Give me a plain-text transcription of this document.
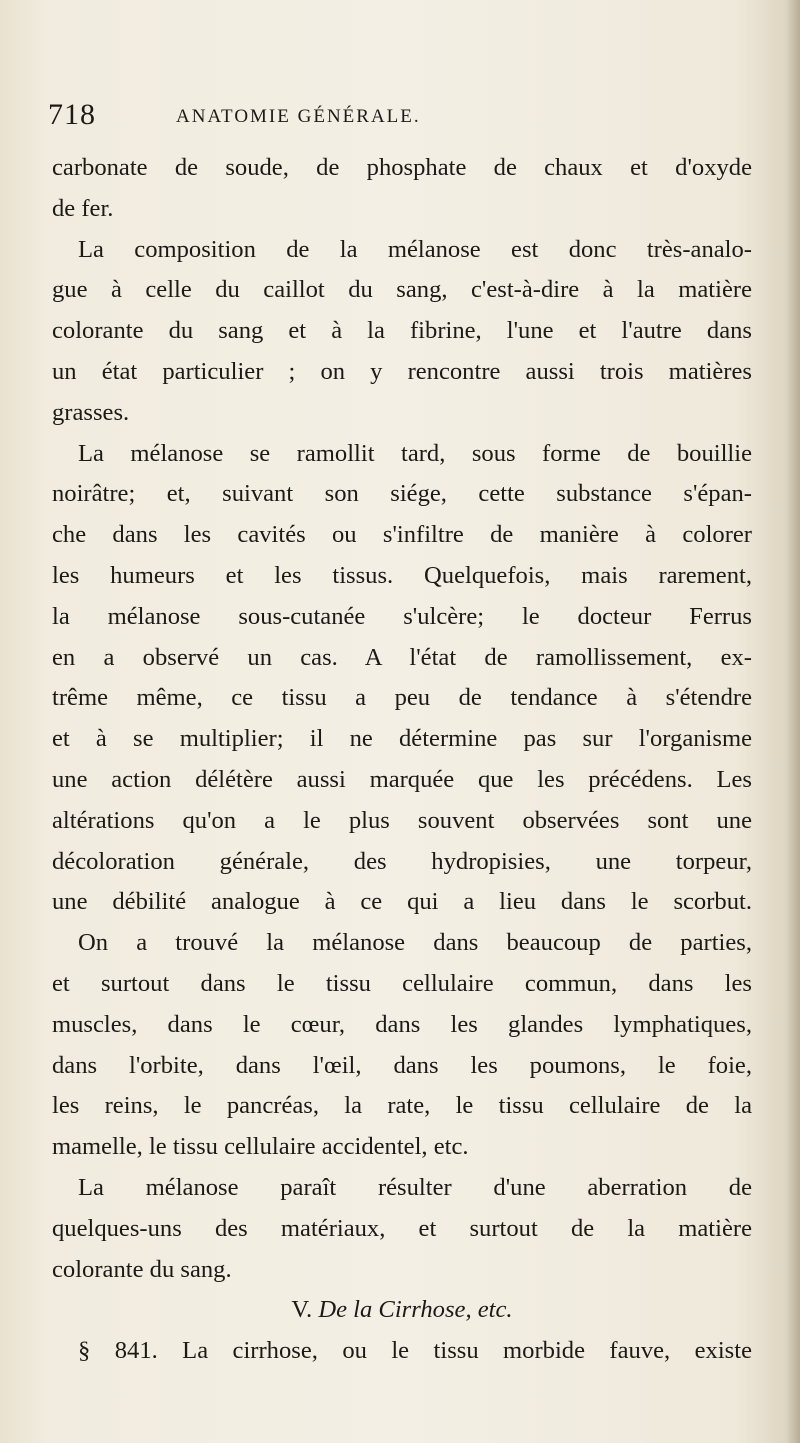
718	ANATOMIE GÉNÉRALE.
carbonate de soude, de phosphate de chaux et d'oxyde
de fer.
La composition de la mélanose est donc très-analo-
gue à celle du caillot du sang, c'est-à-dire à la matière
colorante du sang et à la fibrine, l'une et l'autre dans
un état particulier ; on y rencontre aussi trois matières
grasses.
La mélanose se ramollit tard, sous forme de bouillie
noirâtre; et, suivant son siége, cette substance s'épan-
che dans les cavités ou s'infiltre de manière à colorer
les humeurs et les tissus. Quelquefois, mais rarement,
la mélanose sous-cutanée s'ulcère; le docteur Ferrus
en a observé un cas. A l'état de ramollissement, ex-
trême même, ce tissu a peu de tendance à s'étendre
et à se multiplier; il ne détermine pas sur l'organisme
une action délétère aussi marquée que les précédens. Les
altérations qu'on a le plus souvent observées sont une
décoloration générale, des hydropisies, une torpeur,
une débilité analogue à ce qui a lieu dans le scorbut.
On a trouvé la mélanose dans beaucoup de parties,
et surtout dans le tissu cellulaire commun, dans les
muscles, dans le cœur, dans les glandes lymphatiques,
dans l'orbite, dans l'œil, dans les poumons, le foie,
les reins, le pancréas, la rate, le tissu cellulaire de la
mamelle, le tissu cellulaire accidentel, etc.
La mélanose paraît résulter d'une aberration de
quelques-uns des matériaux, et surtout de la matière
colorante du sang.
V. De la Cirrhose, etc.
§ 841. La cirrhose, ou le tissu morbide fauve, existe
